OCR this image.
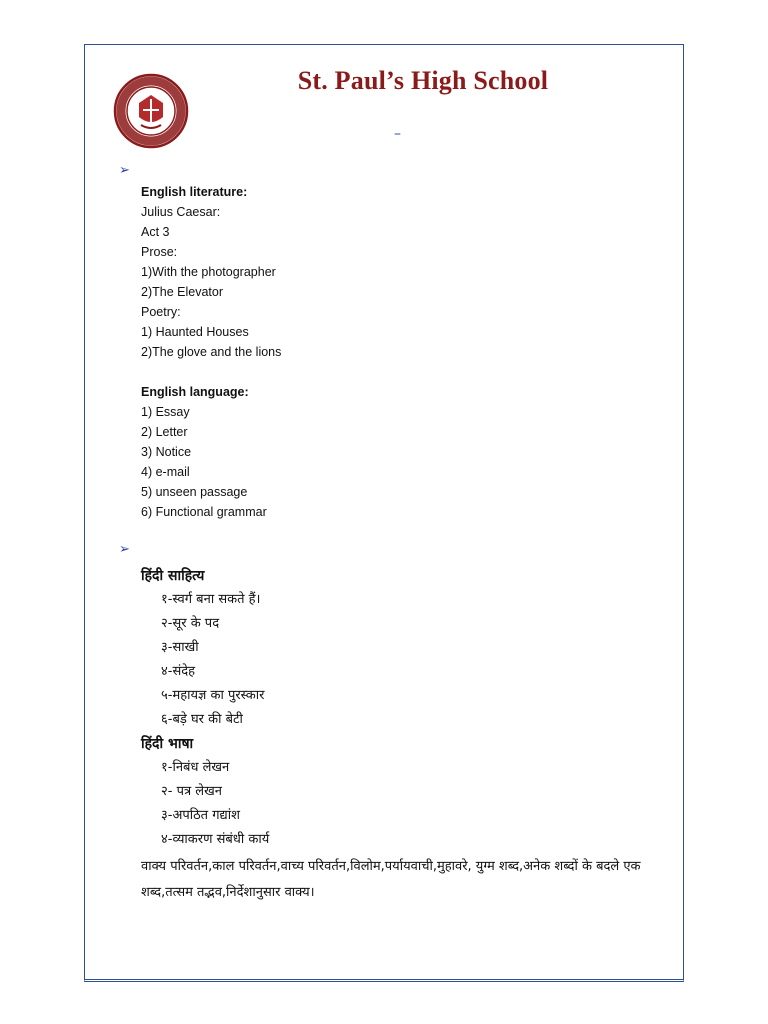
St. Paul’s High School
–
➢
➢
English literature:
Julius Caesar:
Act 3
Prose:
1)With the photographer
2)The Elevator
Poetry:
1) Haunted Houses
2)The glove and the lions
English language:
1) Essay
2) Letter
3) Notice
4) e-mail
5) unseen passage
6) Functional grammar
हिंदी साहित्य
१-स्वर्ग बना सकते हैं।
२-सूर के पद
३-साखी
४-संदेह
५-महायज्ञ का पुरस्कार
६-बड़े घर की बेटी
हिंदी भाषा
१-निबंध लेखन
२- पत्र लेखन
३-अपठित गद्यांश
४-व्याकरण संबंधी कार्य
वाक्य परिवर्तन,काल परिवर्तन,वाच्य परिवर्तन,विलोम,पर्यायवाची,मुहावरे, युग्म शब्द,अनेक शब्दों के बदले एक शब्द,तत्सम तद्भव,निर्देशानुसार वाक्य।
